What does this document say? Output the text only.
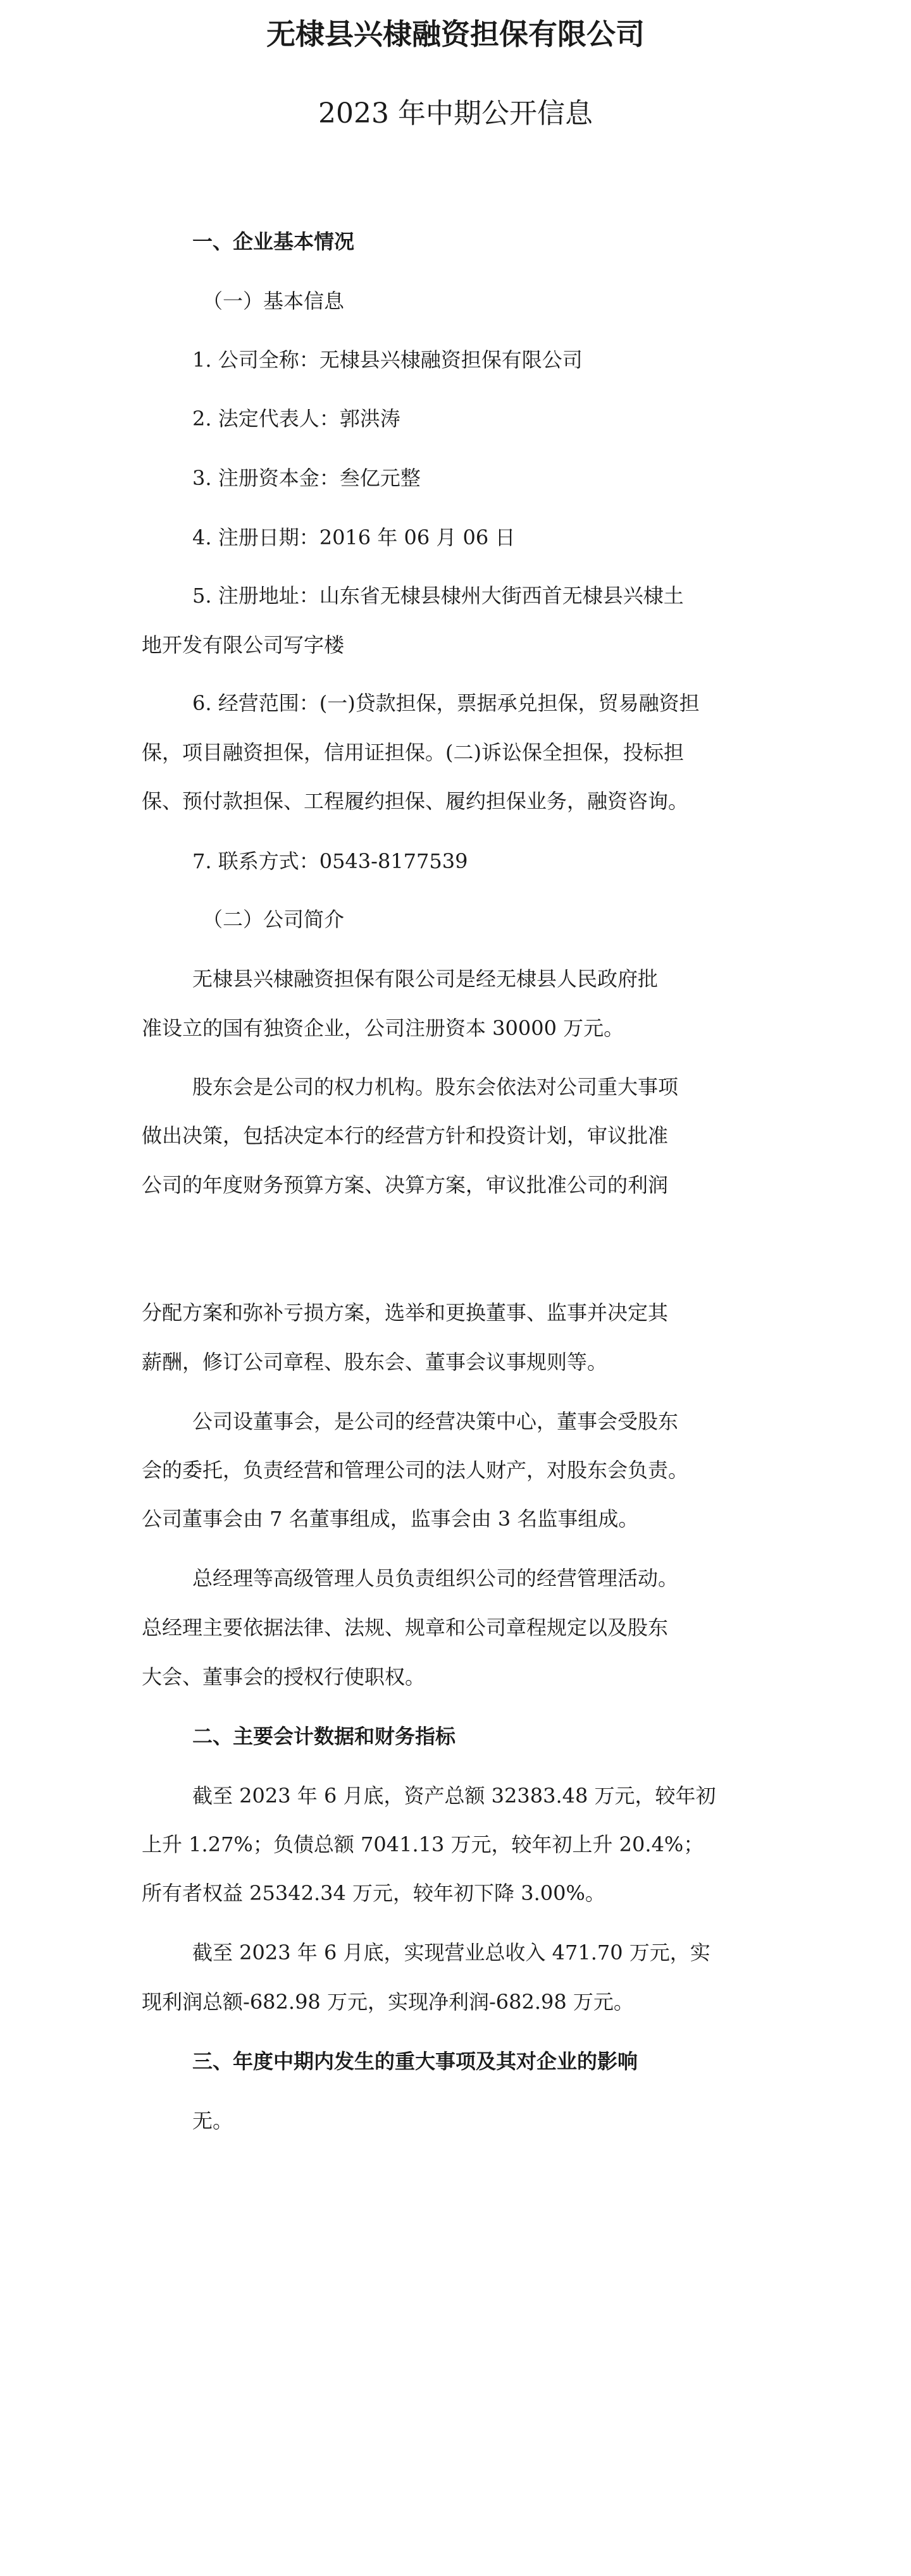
无棣县兴棣融资担保有限公司
2023 年中期公开信息
一、企业基本情况
（一）基本信息
1. 公司全称：无棣县兴棣融资担保有限公司
2. 法定代表人：郭洪涛
3. 注册资本金：叁亿元整
4. 注册日期：2016 年 06 月 06 日
5. 注册地址：山东省无棣县棣州大街西首无棣县兴棣土
地开发有限公司写字楼
6. 经营范围：(一)贷款担保，票据承兑担保，贸易融资担
保，项目融资担保，信用证担保。(二)诉讼保全担保，投标担
保、预付款担保、工程履约担保、履约担保业务，融资咨询。
7. 联系方式：0543-8177539
（二）公司简介
无棣县兴棣融资担保有限公司是经无棣县人民政府批
准设立的国有独资企业，公司注册资本 30000 万元。
股东会是公司的权力机构。股东会依法对公司重大事项
做出决策，包括决定本行的经营方针和投资计划，审议批准
公司的年度财务预算方案、决算方案，审议批准公司的利润
分配方案和弥补亏损方案，选举和更换董事、监事并决定其
薪酬，修订公司章程、股东会、董事会议事规则等。
公司设董事会，是公司的经营决策中心，董事会受股东
会的委托，负责经营和管理公司的法人财产，对股东会负责。
公司董事会由 7 名董事组成，监事会由 3 名监事组成。
总经理等高级管理人员负责组织公司的经营管理活动。
总经理主要依据法律、法规、规章和公司章程规定以及股东
大会、董事会的授权行使职权。
二、主要会计数据和财务指标
截至 2023 年 6 月底，资产总额 32383.48 万元，较年初
上升 1.27%；负债总额 7041.13 万元，较年初上升 20.4%；
所有者权益 25342.34 万元，较年初下降 3.00%。
截至 2023 年 6 月底，实现营业总收入 471.70 万元，实
现利润总额-682.98 万元，实现净利润-682.98 万元。
三、年度中期内发生的重大事项及其对企业的影响
无。
